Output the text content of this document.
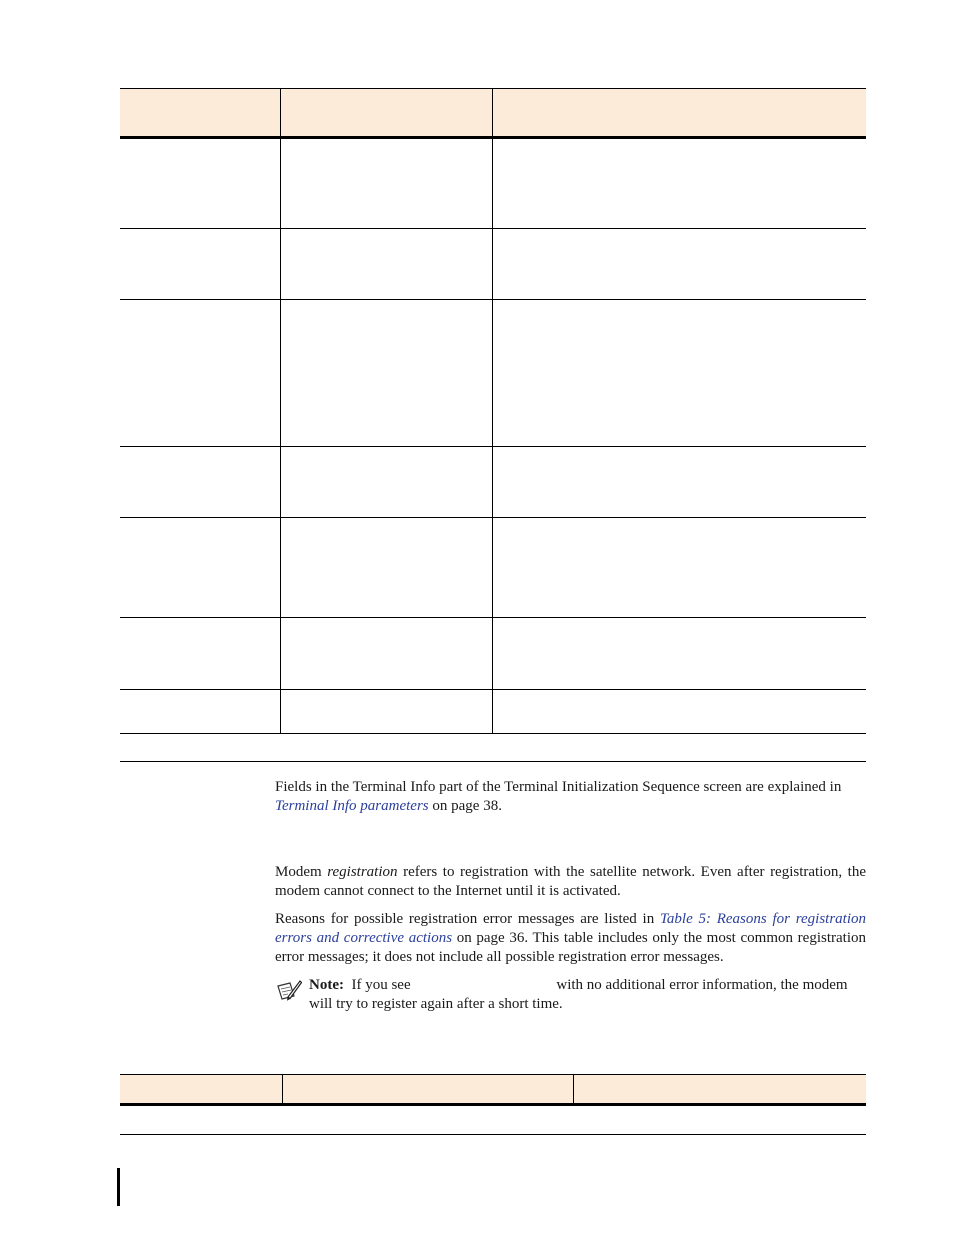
Fields in the Terminal Info part of the Terminal Initialization Sequence screen are explained in
Terminal Info parameters on page 38.
Modem registration refers to registration with the satellite network. Even after registration, the modem cannot connect to the Internet until it is activated.
Reasons for possible registration error messages are listed in Table 5: Reasons for registration errors and corrective actions on page 36. This table includes only the most common registration error messages; it does not include all possible registration error messages.
Note: If you see	with no additional error information, the modem will try to register again after a short time.
